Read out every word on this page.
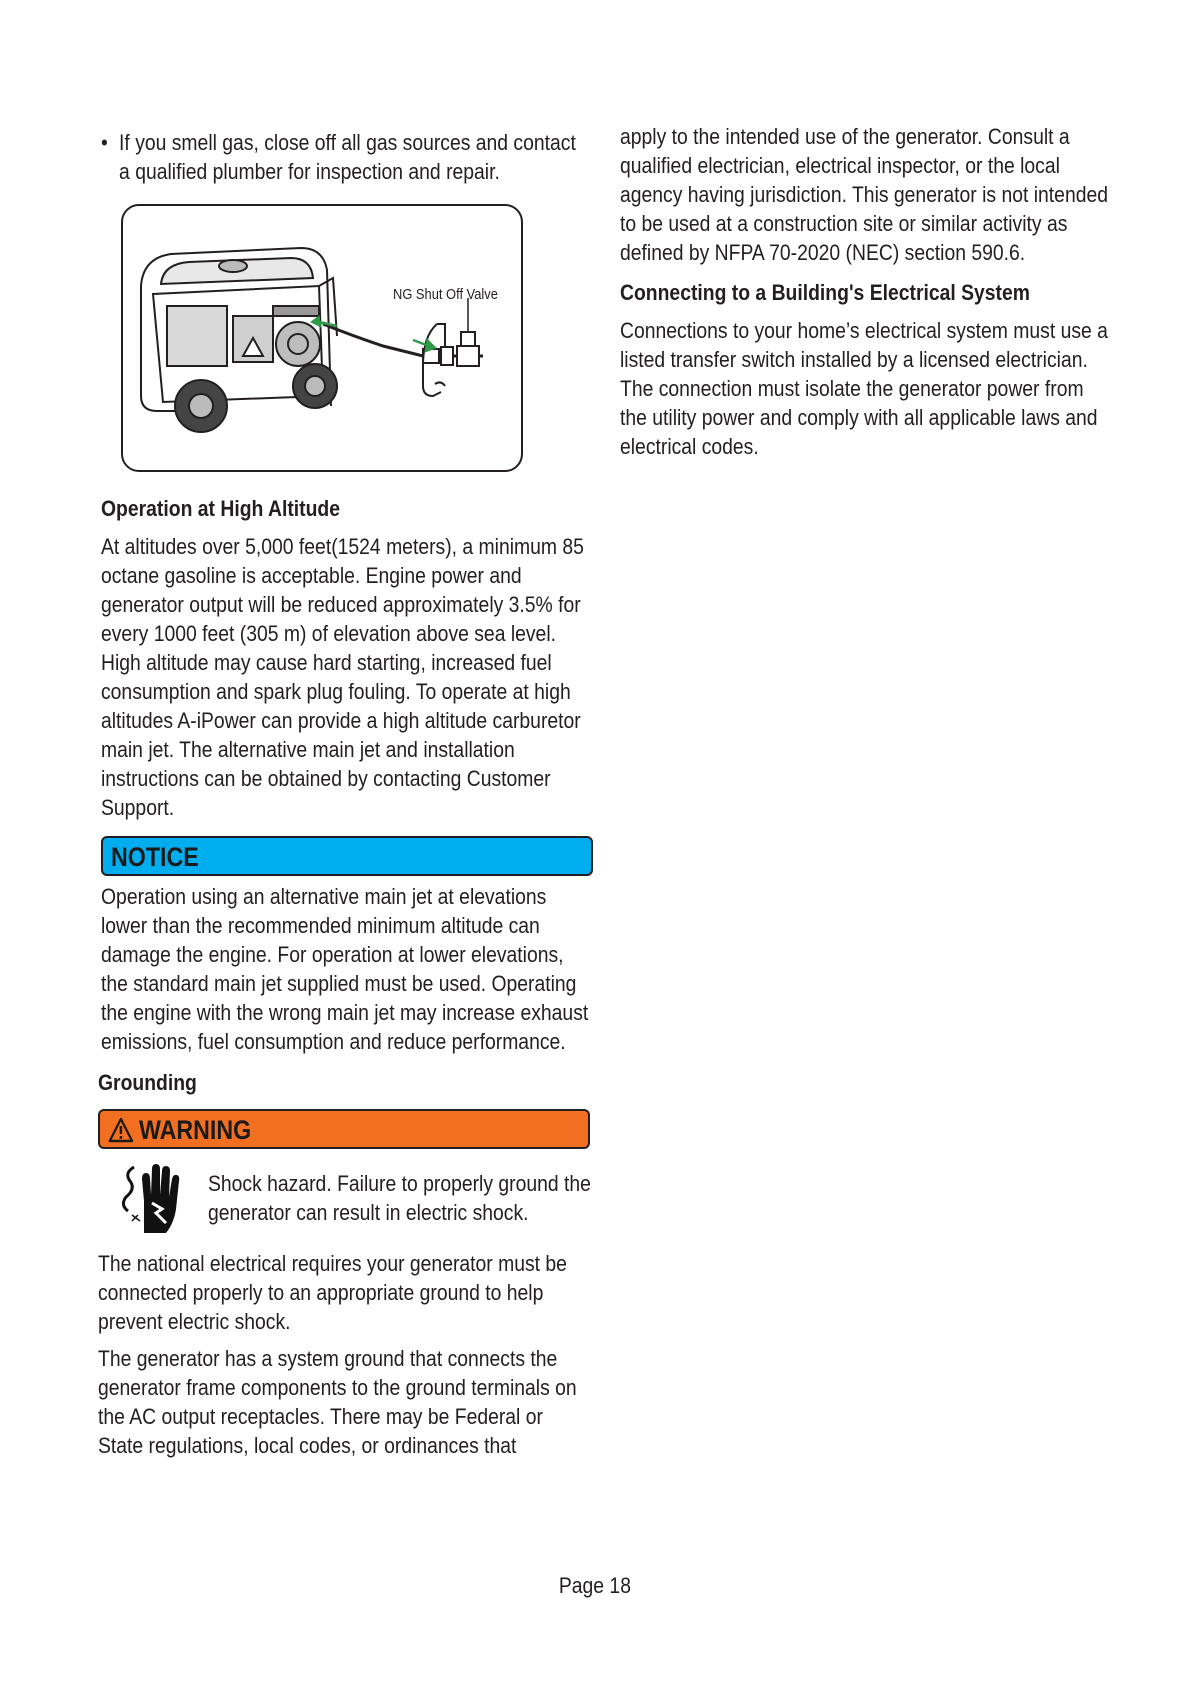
• If you smell gas, close off all gas sources and contact a qualified plumber for inspection and repair.
NG Shut Off Valve
Operation at High Altitude

At altitudes over 5,000 feet(1524 meters), a minimum 85 octane gasoline is acceptable. Engine power and generator output will be reduced approximately 3.5% for every 1000 feet (305 m) of elevation above sea level. High altitude may cause hard starting, increased fuel consumption and spark plug fouling. To operate at high altitudes A-iPower can provide a high altitude carburetor main jet. The alternative main jet and installation instructions can be obtained by contacting Customer Support.

NOTICE

Operation using an alternative main jet at elevations lower than the recommended minimum altitude can damage the engine. For operation at lower elevations, the standard main jet supplied must be used. Operating the engine with the wrong main jet may increase exhaust emissions, fuel consumption and reduce performance.

Grounding
WARNING

Shock hazard. Failure to properly ground the generator can result in electric shock.

The national electrical requires your generator must be connected properly to an appropriate ground to help prevent electric shock.

The generator has a system ground that connects the generator frame components to the ground terminals on the AC output receptacles. There may be Federal or State regulations, local codes, or ordinances that

apply to the intended use of the generator. Consult a qualified electrician, electrical inspector, or the local agency having jurisdiction. This generator is not intended to be used at a construction site or similar activity as defined by NFPA 70-2020 (NEC) section 590.6.

Connecting to a Building's Electrical System

Connections to your home’s electrical system must use a listed transfer switch installed by a licensed electrician. The connection must isolate the generator power from the utility power and comply with all applicable laws and electrical codes.

Page 18
